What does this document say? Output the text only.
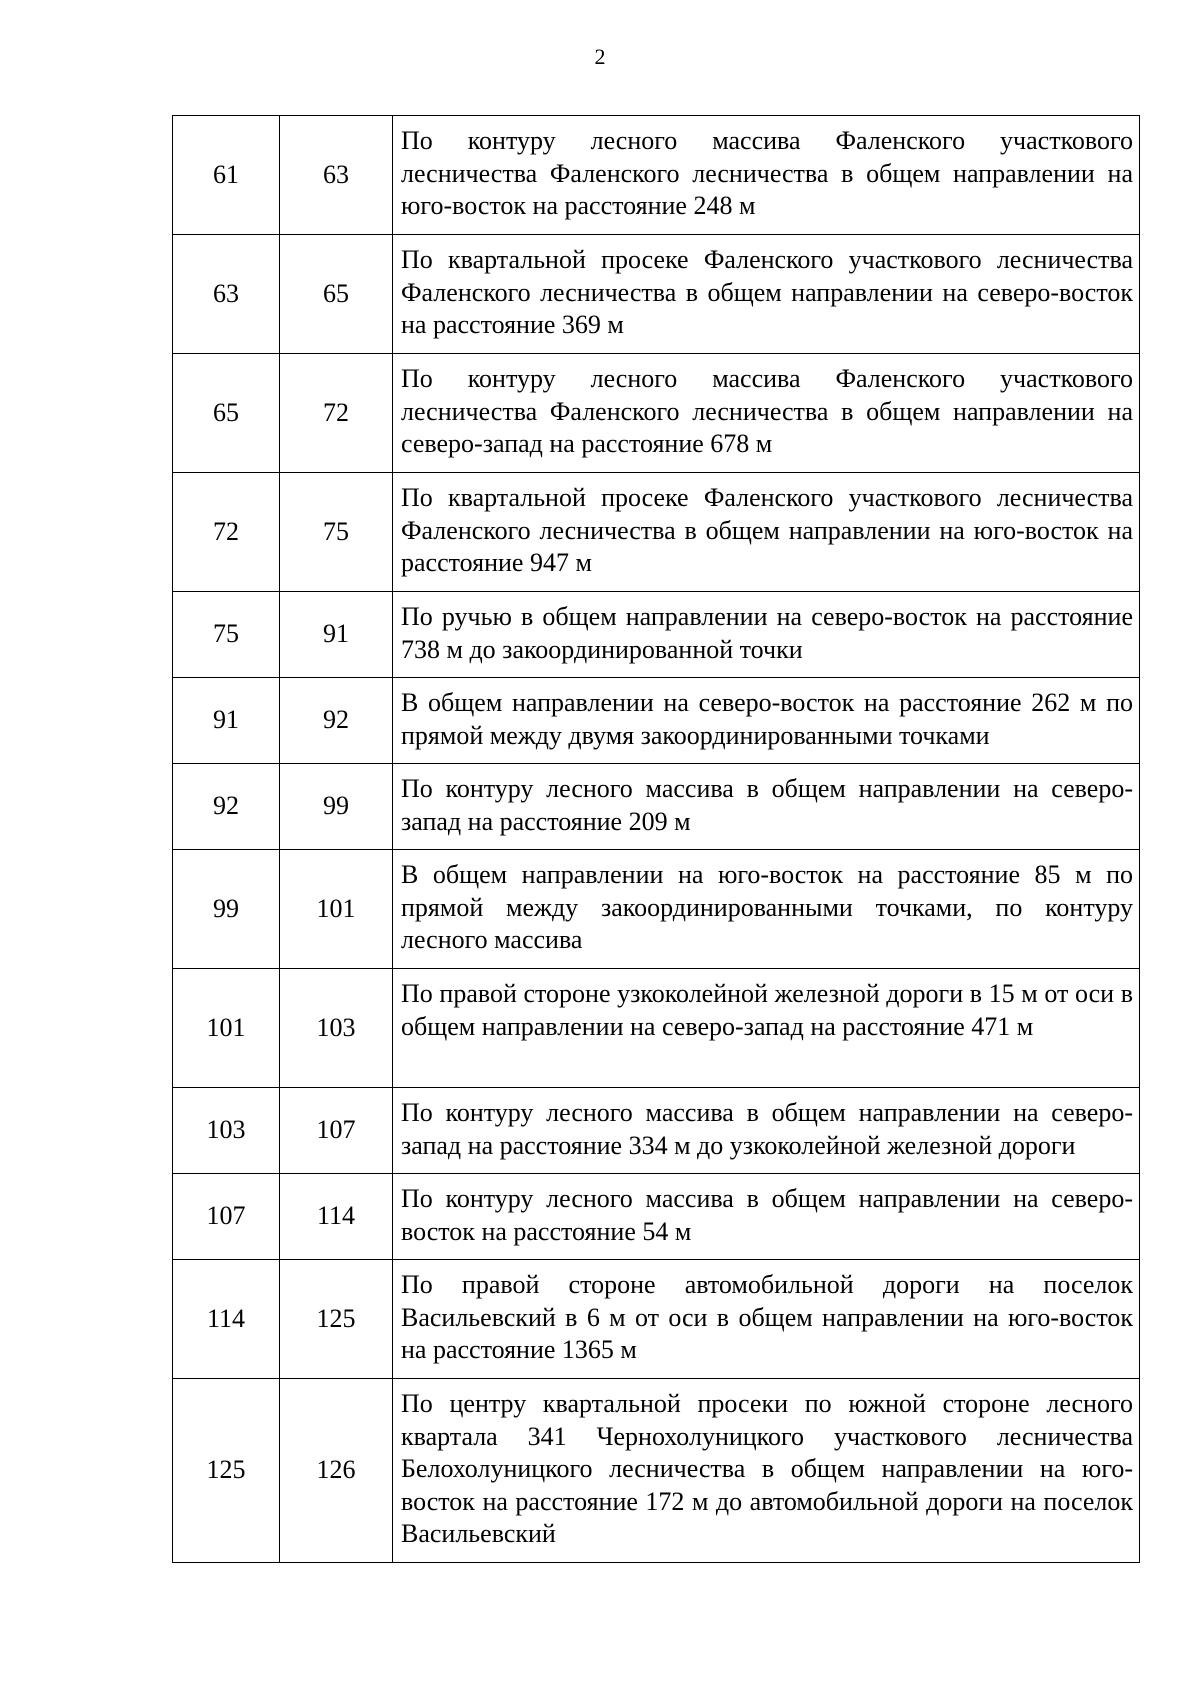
2
61	63	По контуру лесного массива Фаленского участкового лесничества Фаленского лесничества в общем направлении на юго-восток на расстояние 248 м
63	65	По квартальной просеке Фаленского участкового лесничества Фаленского лесничества в общем направлении на северо-восток на расстояние 369 м
65	72	По контуру лесного массива Фаленского участкового лесничества Фаленского лесничества в общем направлении на северо-запад на расстояние 678 м
72	75	По квартальной просеке Фаленского участкового лесничества Фаленского лесничества в общем направлении на юго-восток на расстояние 947 м
75	91	По ручью в общем направлении на северо-восток на расстояние 738 м до закоординированной точки
91	92	В общем направлении на северо-восток на расстояние 262 м по прямой между двумя закоординированными точками
92	99	По контуру лесного массива в общем направлении на северо-запад на расстояние 209 м
99	101	В общем направлении на юго-восток на расстояние 85 м по прямой между закоординированными точками, по контуру лесного массива
101	103	По правой стороне узкоколейной железной дороги в 15 м от оси в общем направлении на северо-запад на расстояние 471 м
103	107	По контуру лесного массива в общем направлении на северо-запад на расстояние 334 м до узкоколейной железной дороги
107	114	По контуру лесного массива в общем направлении на северо-восток на расстояние 54 м
114	125	По правой стороне автомобильной дороги на поселок Васильевский в 6 м от оси в общем направлении на юго-восток на расстояние 1365 м
125	126	По центру квартальной просеки по южной стороне лесного квартала 341 Чернохолуницкого участкового лесничества Белохолуницкого лесничества в общем направлении на юго-восток на расстояние 172 м до автомобильной дороги на поселок Васильевский
